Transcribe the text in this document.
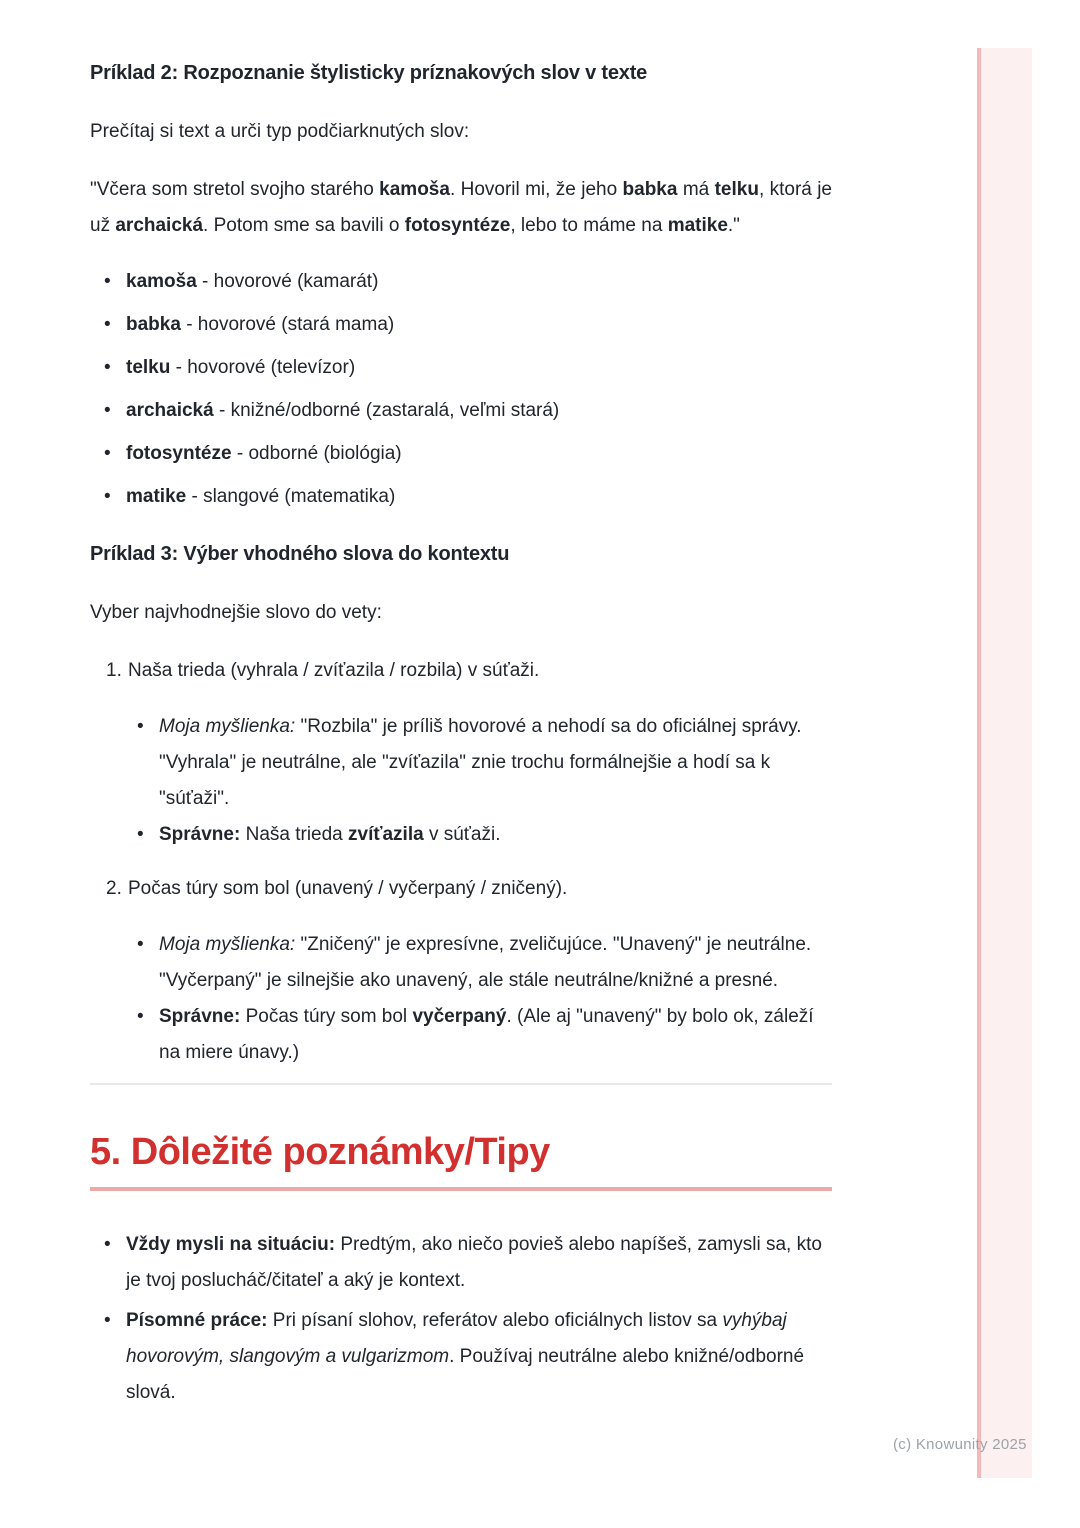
Príklad 2: Rozpoznanie štylisticky príznakových slov v texte

Prečítaj si text a urči typ podčiarknutých slov:

"Včera som stretol svojho starého kamoša. Hovoril mi, že jeho babka má telku, ktorá je už archaická. Potom sme sa bavili o fotosyntéze, lebo to máme na matike."

• kamoša - hovorové (kamarát)
• babka - hovorové (stará mama)
• telku - hovorové (televízor)
• archaická - knižné/odborné (zastaralá, veľmi stará)
• fotosyntéze - odborné (biológia)
• matike - slangové (matematika)
Príklad 3: Výber vhodného slova do kontextu

Vyber najvhodnejšie slovo do vety:

1. Naša trieda (vyhrala / zvíťazila / rozbila) v súťaži.
• Moja myšlienka: "Rozbila" je príliš hovorové a nehodí sa do oficiálnej správy. "Vyhrala" je neutrálne, ale "zvíťazila" znie trochu formálnejšie a hodí sa k "súťaži".
• Správne: Naša trieda zvíťazila v súťaži.
2. Počas túry som bol (unavený / vyčerpaný / zničený).
• Moja myšlienka: "Zničený" je expresívne, zveličujúce. "Unavený" je neutrálne. "Vyčerpaný" je silnejšie ako unavený, ale stále neutrálne/knižné a presné.
• Správne: Počas túry som bol vyčerpaný. (Ale aj "unavený" by bolo ok, záleží na miere únavy.)
5. Dôležité poznámky/Tipy
• Vždy mysli na situáciu: Predtým, ako niečo povieš alebo napíšeš, zamysli sa, kto je tvoj poslucháč/čitateľ a aký je kontext.
• Písomné práce: Pri písaní slohov, referátov alebo oficiálnych listov sa vyhýbaj hovorovým, slangovým a vulgarizmom. Používaj neutrálne alebo knižné/odborné slová.
(c) Knowunity 2025
